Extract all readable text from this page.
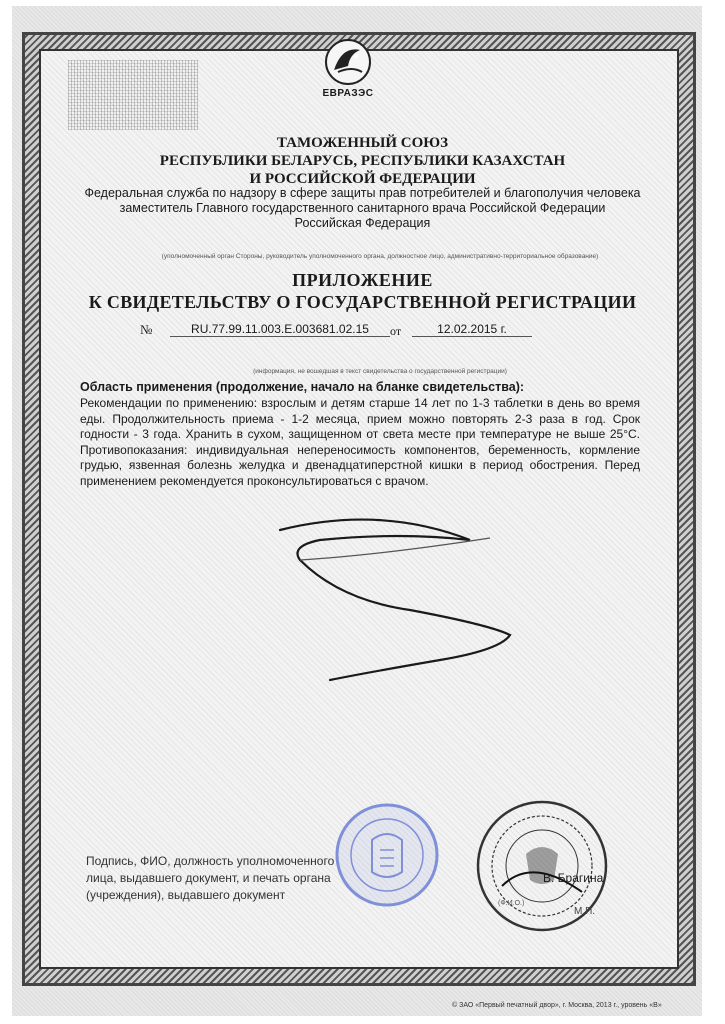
ЕВРАЗЭС
ТАМОЖЕННЫЙ СОЮЗ
РЕСПУБЛИКИ БЕЛАРУСЬ, РЕСПУБЛИКИ КАЗАХСТАН
И РОССИЙСКОЙ ФЕДЕРАЦИИ
Федеральная служба по надзору в сфере защиты прав потребителей и благополучия человека
заместитель Главного государственного санитарного врача Российской Федерации
Российская Федерация
(уполномоченный орган Стороны, руководитель уполномоченного органа, должностное лицо, административно-территориальное образование)
ПРИЛОЖЕНИЕ
К СВИДЕТЕЛЬСТВУ О ГОСУДАРСТВЕННОЙ РЕГИСТРАЦИИ
№	RU.77.99.11.003.Е.003681.02.15	от	12.02.2015 г.
(информация, не вошедшая в текст свидетельства о государственной регистрации)
Область применения (продолжение, начало на бланке свидетельства):
Рекомендации по применению: взрослым и детям старше 14 лет по 1-3 таблетки в день во время еды. Продолжительность приема - 1-2 месяца, прием можно повторять 2-3 раза в год. Срок годности - 3 года. Хранить в сухом, защищенном от света месте при температуре не выше 25°С. Противопоказания: индивидуальная непереносимость компонентов, беременность, кормление грудью, язвенная болезнь желудка и двенадцатиперстной кишки в период обострения. Перед применением рекомендуется проконсультироваться с врачом.
Подпись, ФИО, должность уполномоченного
лица, выдавшего документ, и печать органа
(учреждения), выдавшего документ
В. Брагина
(Ф.И.О.)
М.П.
© ЗАО «Первый печатный двор», г. Москва, 2013 г., уровень «В»
